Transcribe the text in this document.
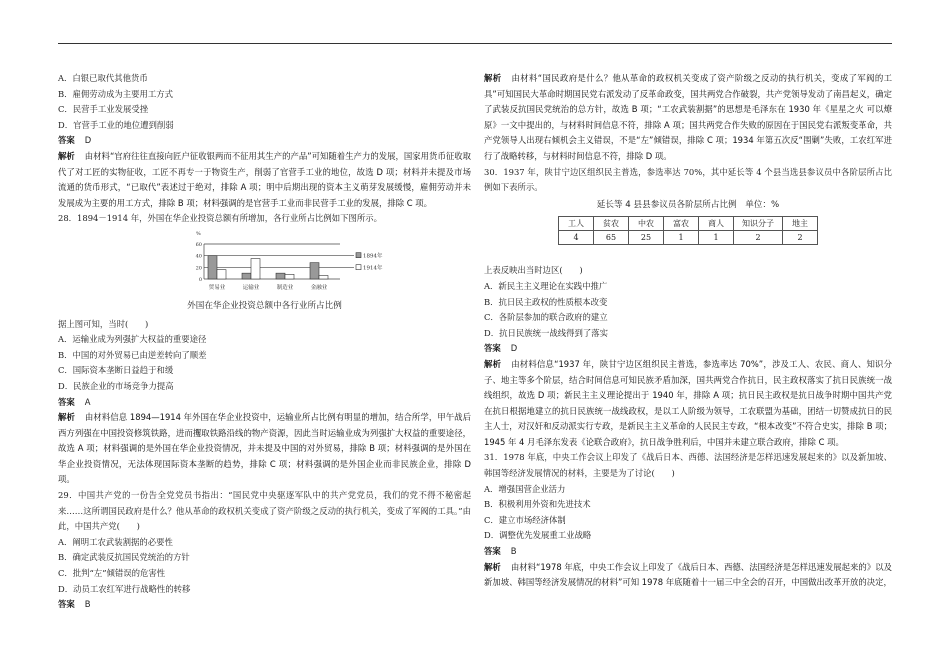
A．白银已取代其他货币

B．雇佣劳动成为主要用工方式

C．民营手工业发展受挫

D．官营手工业的地位遭到削弱

答案 D

解析 由材料“官府往往直接向匠户征收银两而不征用其生产的产品”可知随着生产力的发展，国家用货币征收取代了对工匠的实物征收，工匠不再专一于物资生产，削弱了官营手工业的地位，故选 D 项；材料并未提及市场流通的货币形式，“已取代”表述过于绝对，排除 A 项；明中后期出现的资本主义萌芽发展缓慢，雇佣劳动并未发展成为主要的用工方式，排除 B 项；材料强调的是官营手工业而非民营手工业的发展，排除 C 项。

28．1894－1914 年，外国在华企业投资总额有所增加，各行业所占比例如下图所示。

%
0
20
40
60
贸易业	运输业	制造业	金融业
1894年
1914年
外国在华企业投资总额中各行业所占比例

据上图可知，当时(　　)

A．运输业成为列强扩大权益的重要途径

B．中国的对外贸易已由逆差转向了顺差

C．国际资本垄断日益趋于和缓

D．民族企业的市场竞争力提高

答案 A

解析 由材料信息 1894—1914 年外国在华企业投资中，运输业所占比例有明显的增加，结合所学，甲午战后西方列强在中国投资修筑铁路，进而攫取铁路沿线的物产资源，因此当时运输业成为列强扩大权益的重要途径，故选 A 项；材料强调的是外国在华企业投资情况，并未提及中国的对外贸易，排除 B 项；材料强调的是外国在华企业投资情况，无法体现国际资本垄断的趋势，排除 C 项；材料强调的是外国企业而非民族企业，排除 D 项。

29．中国共产党的一份告全党党员书指出：“国民党中央驱逐军队中的共产党党员，我们的党不得不秘密起来……这所谓国民政府是什么？他从革命的政权机关变成了资产阶级之反动的执行机关，变成了军阀的工具。”由此，中国共产党(　　)

A．阐明工农武装割据的必要性

B．确定武装反抗国民党统治的方针

C．批判“左”倾错误的危害性

D．动员工农红军进行战略性的转移

答案 B

解析 由材料“国民政府是什么？他从革命的政权机关变成了资产阶级之反动的执行机关，变成了军阀的工具”可知国民大革命时期国民党右派发动了反革命政变，国共两党合作破裂，共产党领导发动了南昌起义，确定了武装反抗国民党统治的总方针，故选 B 项；“工农武装割据”的思想是毛泽东在 1930 年《星星之火 可以燎原》一文中提出的，与材料时间信息不符，排除 A 项；国共两党合作失败的原因在于国民党右派叛变革命，共产党领导人出现右倾机会主义错误，不是“左”倾错误，排除 C 项；1934 年第五次反“围剿”失败，工农红军进行了战略转移，与材料时间信息不符，排除 D 项。

30．1937 年，陕甘宁边区组织民主普选，参选率达 70%，其中延长等 4 个县当选县参议员中各阶层所占比例如下表所示。

延长等 4 县县参议员各阶层所占比例　单位：%
工人	贫农	中农	富农	商人	知识分子	地主
4	65	25	1	1	2	2

上表反映出当时边区(　　)

A．新民主主义理论在实践中推广

B．抗日民主政权的性质根本改变

C．各阶层参加的联合政府的建立

D．抗日民族统一战线得到了落实

答案 D

解析 由材料信息“1937 年，陕甘宁边区组织民主普选，参选率达 70%”，涉及工人、农民、商人、知识分子、地主等多个阶层，结合时间信息可知民族矛盾加深，国共两党合作抗日，民主政权落实了抗日民族统一战线组织，故选 D 项；新民主主义理论提出于 1940 年，排除 A 项；抗日民主政权是抗日战争时期中国共产党在抗日根据地建立的抗日民族统一战线政权，是以工人阶级为领导，工农联盟为基础，团结一切赞成抗日的民主人士，对汉奸和反动派实行专政，是新民主主义革命的人民民主专政，“根本改变”不符合史实，排除 B 项；1945 年 4 月毛泽东发表《论联合政府》，抗日战争胜利后，中国并未建立联合政府，排除 C 项。

31．1978 年底，中央工作会议上印发了《战后日本、西德、法国经济是怎样迅速发展起来的》以及新加坡、韩国等经济发展情况的材料，主要是为了讨论(　　)

A．增强国营企业活力

B．积极利用外资和先进技术

C．建立市场经济体制

D．调整优先发展重工业战略

答案 B

解析 由材料“1978 年底，中央工作会议上印发了《战后日本、西德、法国经济是怎样迅速发展起来的》以及新加坡、韩国等经济发展情况的材料”可知 1978 年底随着十一届三中全会的召开，中国做出改革开放的决定，
